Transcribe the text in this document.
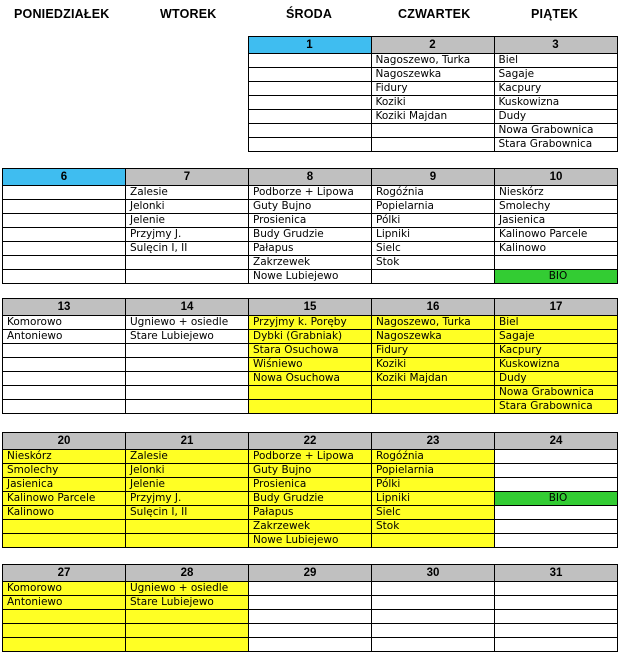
PONIEDZIAŁEK	WTOREK	ŚRODA	CZWARTEK	PIĄTEK
		1	2	3
			Nagoszewo, Turka	Biel
			Nagoszewka	Sagaje
			Fidury	Kacpury
			Koziki	Kuskowizna
			Koziki Majdan	Dudy
				Nowa Grabownica
				Stara Grabownica
6	7	8	9	10
	Zalesie	Podborze + Lipowa	Rogóźnia	Nieskórz
	Jelonki	Guty Bujno	Popielarnia	Smolechy
	Jelenie	Prosienica	Pólki	Jasienica
	Przyjmy J.	Budy Grudzie	Lipniki	Kalinowo Parcele
	Sulęcin I, II	Pałapus	Sielc	Kalinowo
		Zakrzewek	Stok	
		Nowe Lubiejewo		BIO
13	14	15	16	17
Komorowo	Ugniewo + osiedle	Przyjmy k. Poręby	Nagoszewo, Turka	Biel
Antoniewo	Stare Lubiejewo	Dybki (Grabniak)	Nagoszewka	Sagaje
		Stara Osuchowa	Fidury	Kacpury
		Wiśniewo	Koziki	Kuskowizna
		Nowa Osuchowa	Koziki Majdan	Dudy
				Nowa Grabownica
				Stara Grabownica
20	21	22	23	24
Nieskórz	Zalesie	Podborze + Lipowa	Rogóźnia	
Smolechy	Jelonki	Guty Bujno	Popielarnia	
Jasienica	Jelenie	Prosienica	Pólki	
Kalinowo Parcele	Przyjmy J.	Budy Grudzie	Lipniki	BIO
Kalinowo	Sulęcin I, II	Pałapus	Sielc	
		Zakrzewek	Stok	
		Nowe Lubiejewo		
27	28	29	30	31
Komorowo	Ugniewo + osiedle			
Antoniewo	Stare Lubiejewo			
